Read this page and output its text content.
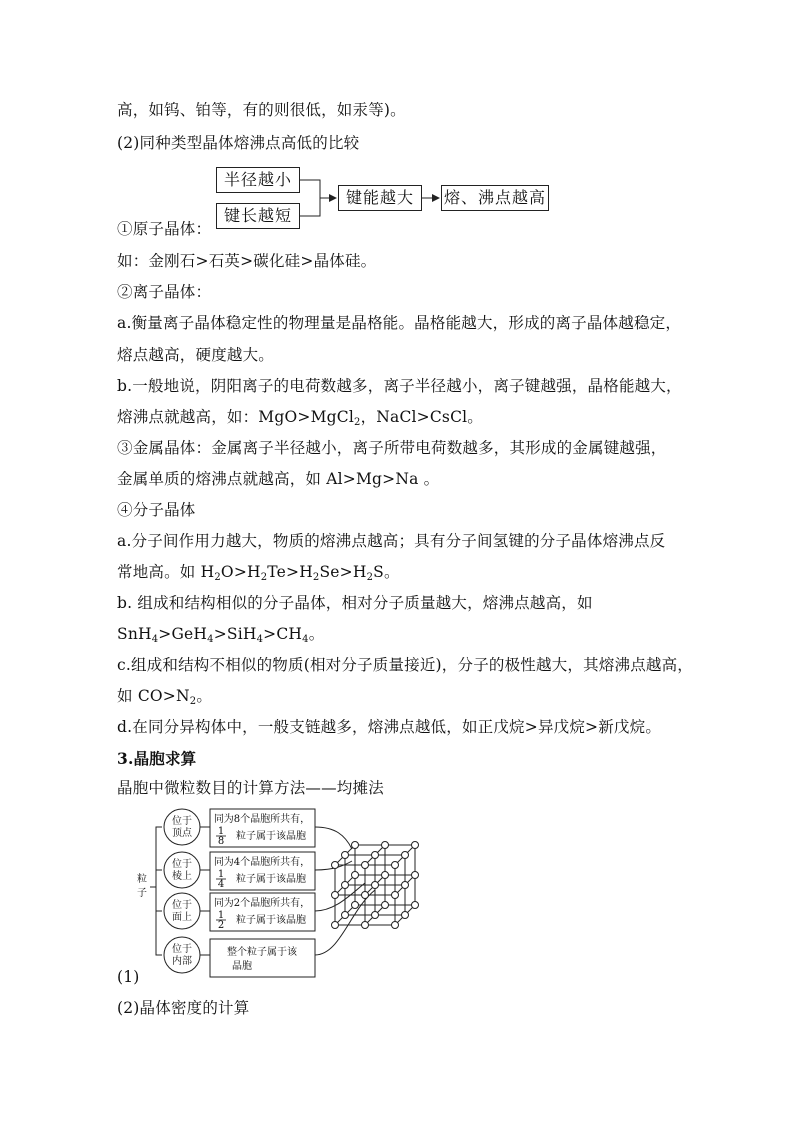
高，如钨、铂等，有的则很低，如汞等)。
(2)同种类型晶体熔沸点高低的比较
半径越小
键长越短
键能越大	熔、沸点越高
①原子晶体：
如：金刚石>石英>碳化硅>晶体硅。
②离子晶体：
a.衡量离子晶体稳定性的物理量是晶格能。晶格能越大，形成的离子晶体越稳定，
熔点越高，硬度越大。
b.一般地说，阴阳离子的电荷数越多，离子半径越小，离子键越强，晶格能越大，
熔沸点就越高，如：MgO>MgCl$_2$，NaCl>CsCl。
③金属晶体：金属离子半径越小，离子所带电荷数越多，其形成的金属键越强，
金属单质的熔沸点就越高，如 Al>Mg>Na 。
④分子晶体
a.分子间作用力越大，物质的熔沸点越高；具有分子间氢键的分子晶体熔沸点反
常地高。如 $H_2O>H_2Te>H_2Se>H_2S$。
b. 组成和结构相似的分子晶体，相对分子质量越大，熔沸点越高，如
$SnH_4>GeH_4>SiH_4>CH_4$。
c.组成和结构不相似的物质(相对分子质量接近)，分子的极性越大，其熔沸点越高，
如 $CO>N_2$。
d.在同分异构体中，一般支链越多，熔沸点越低，如正戊烷>异戊烷>新戊烷。
3.晶胞求算
晶胞中微粒数目的计算方法——均摊法
粒子
位于
顶点
位于
棱上
位于
面上
位于
内部
同为8个晶胞所共有，
1
8 粒子属于该晶胞
同为4个晶胞所共有，
1
4 粒子属于该晶胞
同为2个晶胞所共有，
1
2 粒子属于该晶胞
整个粒子属于该
晶胞
(1)
(2)晶体密度的计算
